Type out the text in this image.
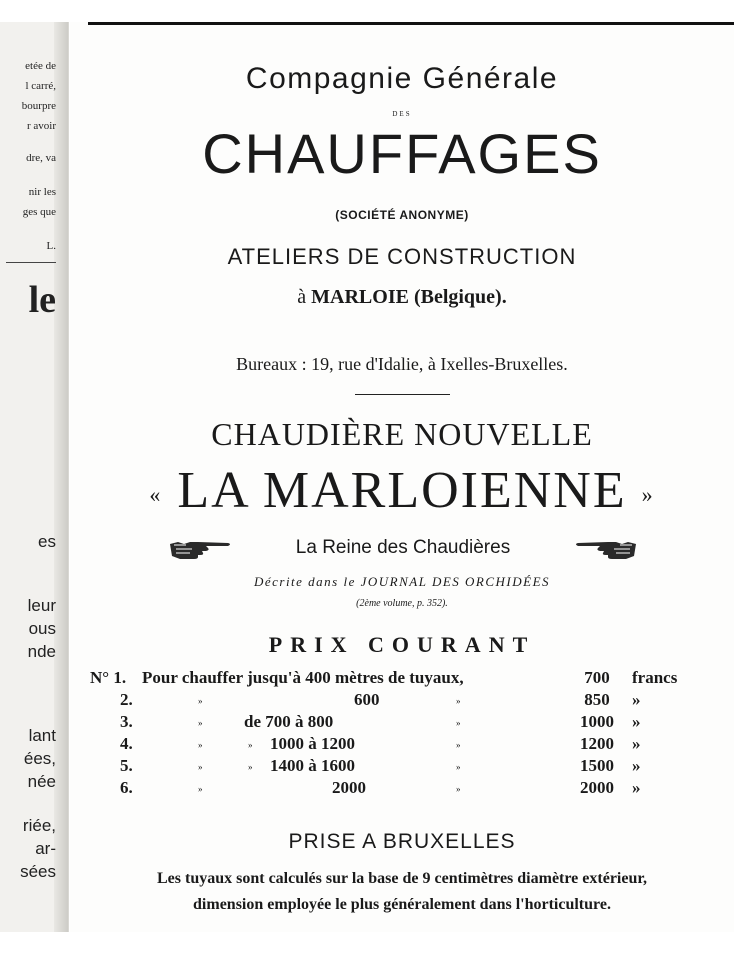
etée de
l carré,
bourpre
r avoir
dre, va
nir les
ges que
L.
le
es
leur
ous
nde
lant
ées,
née
riée,
ar-
sées
Compagnie Générale
DES
CHAUFFAGES
(SOCIÉTÉ ANONYME)
ATELIERS DE CONSTRUCTION
à MARLOIE (Belgique).
Bureaux : 19, rue d'Idalie, à Ixelles-Bruxelles.
CHAUDIÈRE NOUVELLE
« LA MARLOIENNE »
La Reine des Chaudières
Décrite dans le JOURNAL DES ORCHIDÉES
(2ème volume, p. 352).
PRIX COURANT
N° 1. Pour chauffer jusqu'à 400 mètres de tuyaux,	700	francs
2.	»	600	»	850	»
3.	» de 700 à 800	»	1000	»
4.	»	» 1000 à 1200	»	1200	»
5.	»	» 1400 à 1600	»	1500	»
6.	»	2000	»	2000	»
PRISE A BRUXELLES
Les tuyaux sont calculés sur la base de 9 centimètres diamètre extérieur,
dimension employée le plus généralement dans l'horticulture.
